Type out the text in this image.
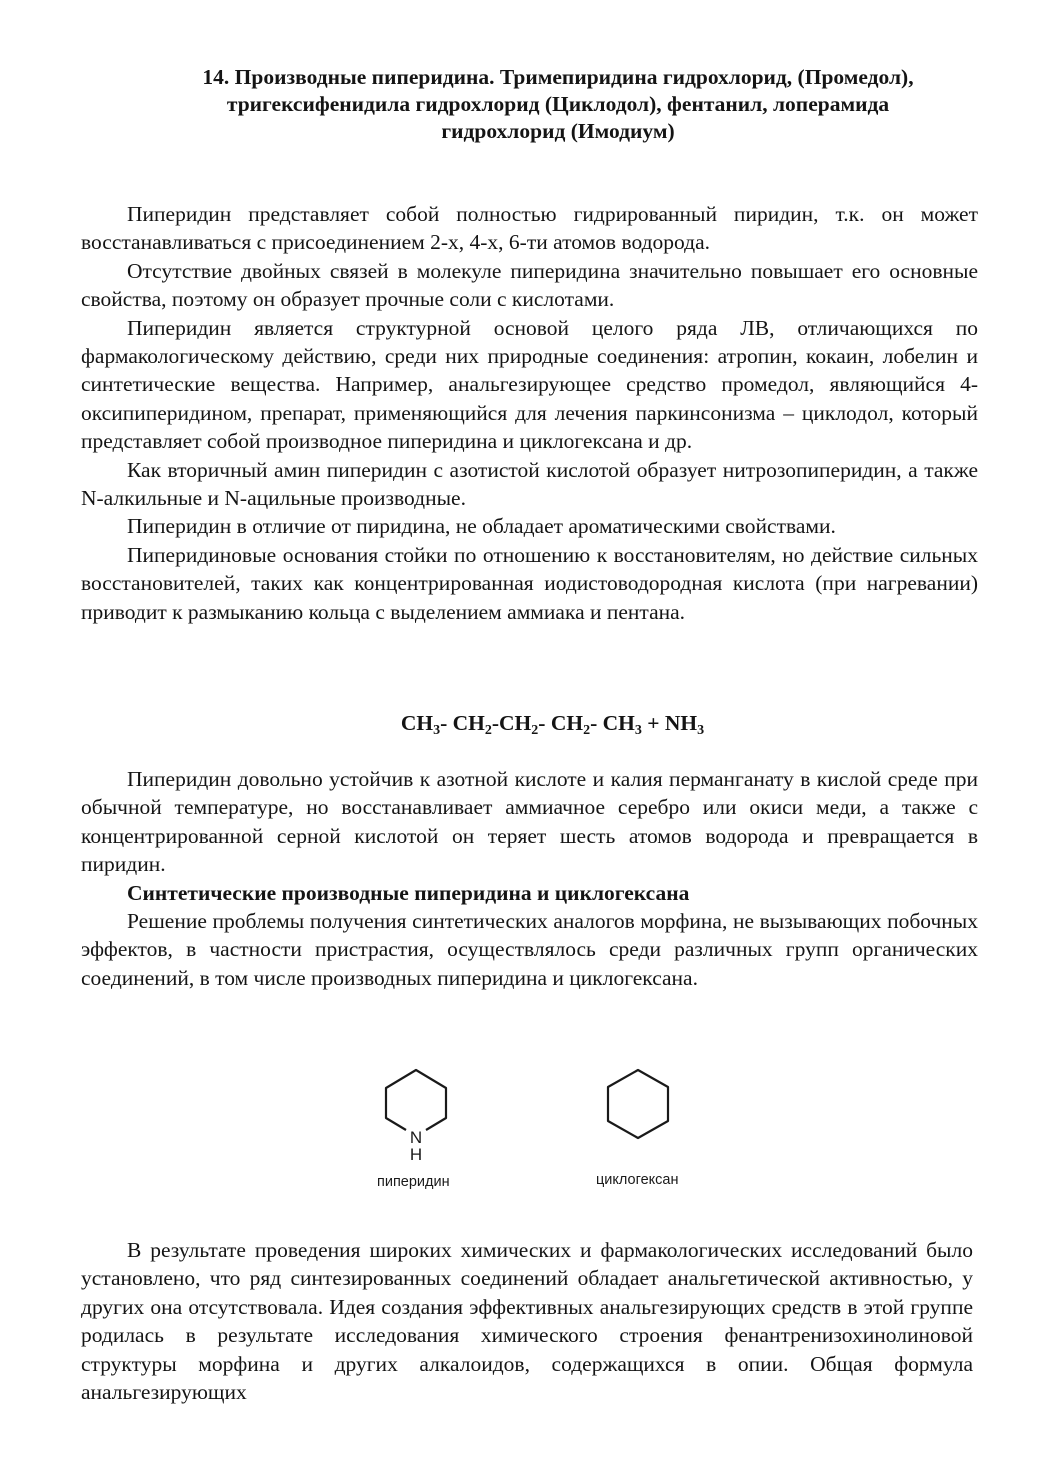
14. Производные пиперидина. Тримепиридина гидрохлорид, (Промедол),
тригексифенидила гидрохлорид (Циклодол), фентанил, лоперамида
гидрохлорид (Имодиум)

Пиперидин представляет собой полностью гидрированный пиридин, т.к. он может восстанавливаться с присоединением 2-х, 4-х, 6-ти атомов водорода.

Отсутствие двойных связей в молекуле пиперидина значительно повышает его основные свойства, поэтому он образует прочные соли с кислотами.

Пиперидин является структурной основой целого ряда ЛВ, отличающихся по фармакологическому действию, среди них природные соединения: атропин, кокаин, лобелин и синтетические вещества. Например, анальгезирующее средство промедол, являющийся 4-оксипиперидином, препарат, применяющийся для лечения паркинсонизма – циклодол, который представляет собой производное пиперидина и циклогексана и др.

Как вторичный амин пиперидин с азотистой кислотой образует нитрозопиперидин, а также N-алкильные и N-ацильные производные.

Пиперидин в отличие от пиридина, не обладает ароматическими свойствами.

Пиперидиновые основания стойки по отношению к восстановителям, но действие сильных восстановителей, таких как концентрированная иодистоводородная кислота (при нагревании) приводит к размыканию кольца с выделением аммиака и пентана.

$CH_3-$ $CH_2-CH_2-$ $CH_2-$ $CH_3 + NH_3$

Пиперидин довольно устойчив к азотной кислоте и калия перманганату в кислой среде при обычной температуре, но восстанавливает аммиачное серебро или окиси меди, а также с концентрированной серной кислотой он теряет шесть атомов водорода и превращается в пиридин.

Синтетические производные пиперидина и циклогексана

Решение проблемы получения синтетических аналогов морфина, не вызывающих побочных эффектов, в частности пристрастия, осуществлялось среди различных групп органических соединений, в том числе производных пиперидина и циклогексана.

N
H
пиперидин	циклогексан

В результате проведения широких химических и фармакологических исследований было установлено, что ряд синтезированных соединений обладает анальгетической активностью, у других она отсутствовала. Идея создания эффективных анальгезирующих средств в этой группе родилась в результате исследования химического строения фенантренизохинолиновой структуры морфина и других алкалоидов, содержащихся в опии. Общая формула анальгезирующих
